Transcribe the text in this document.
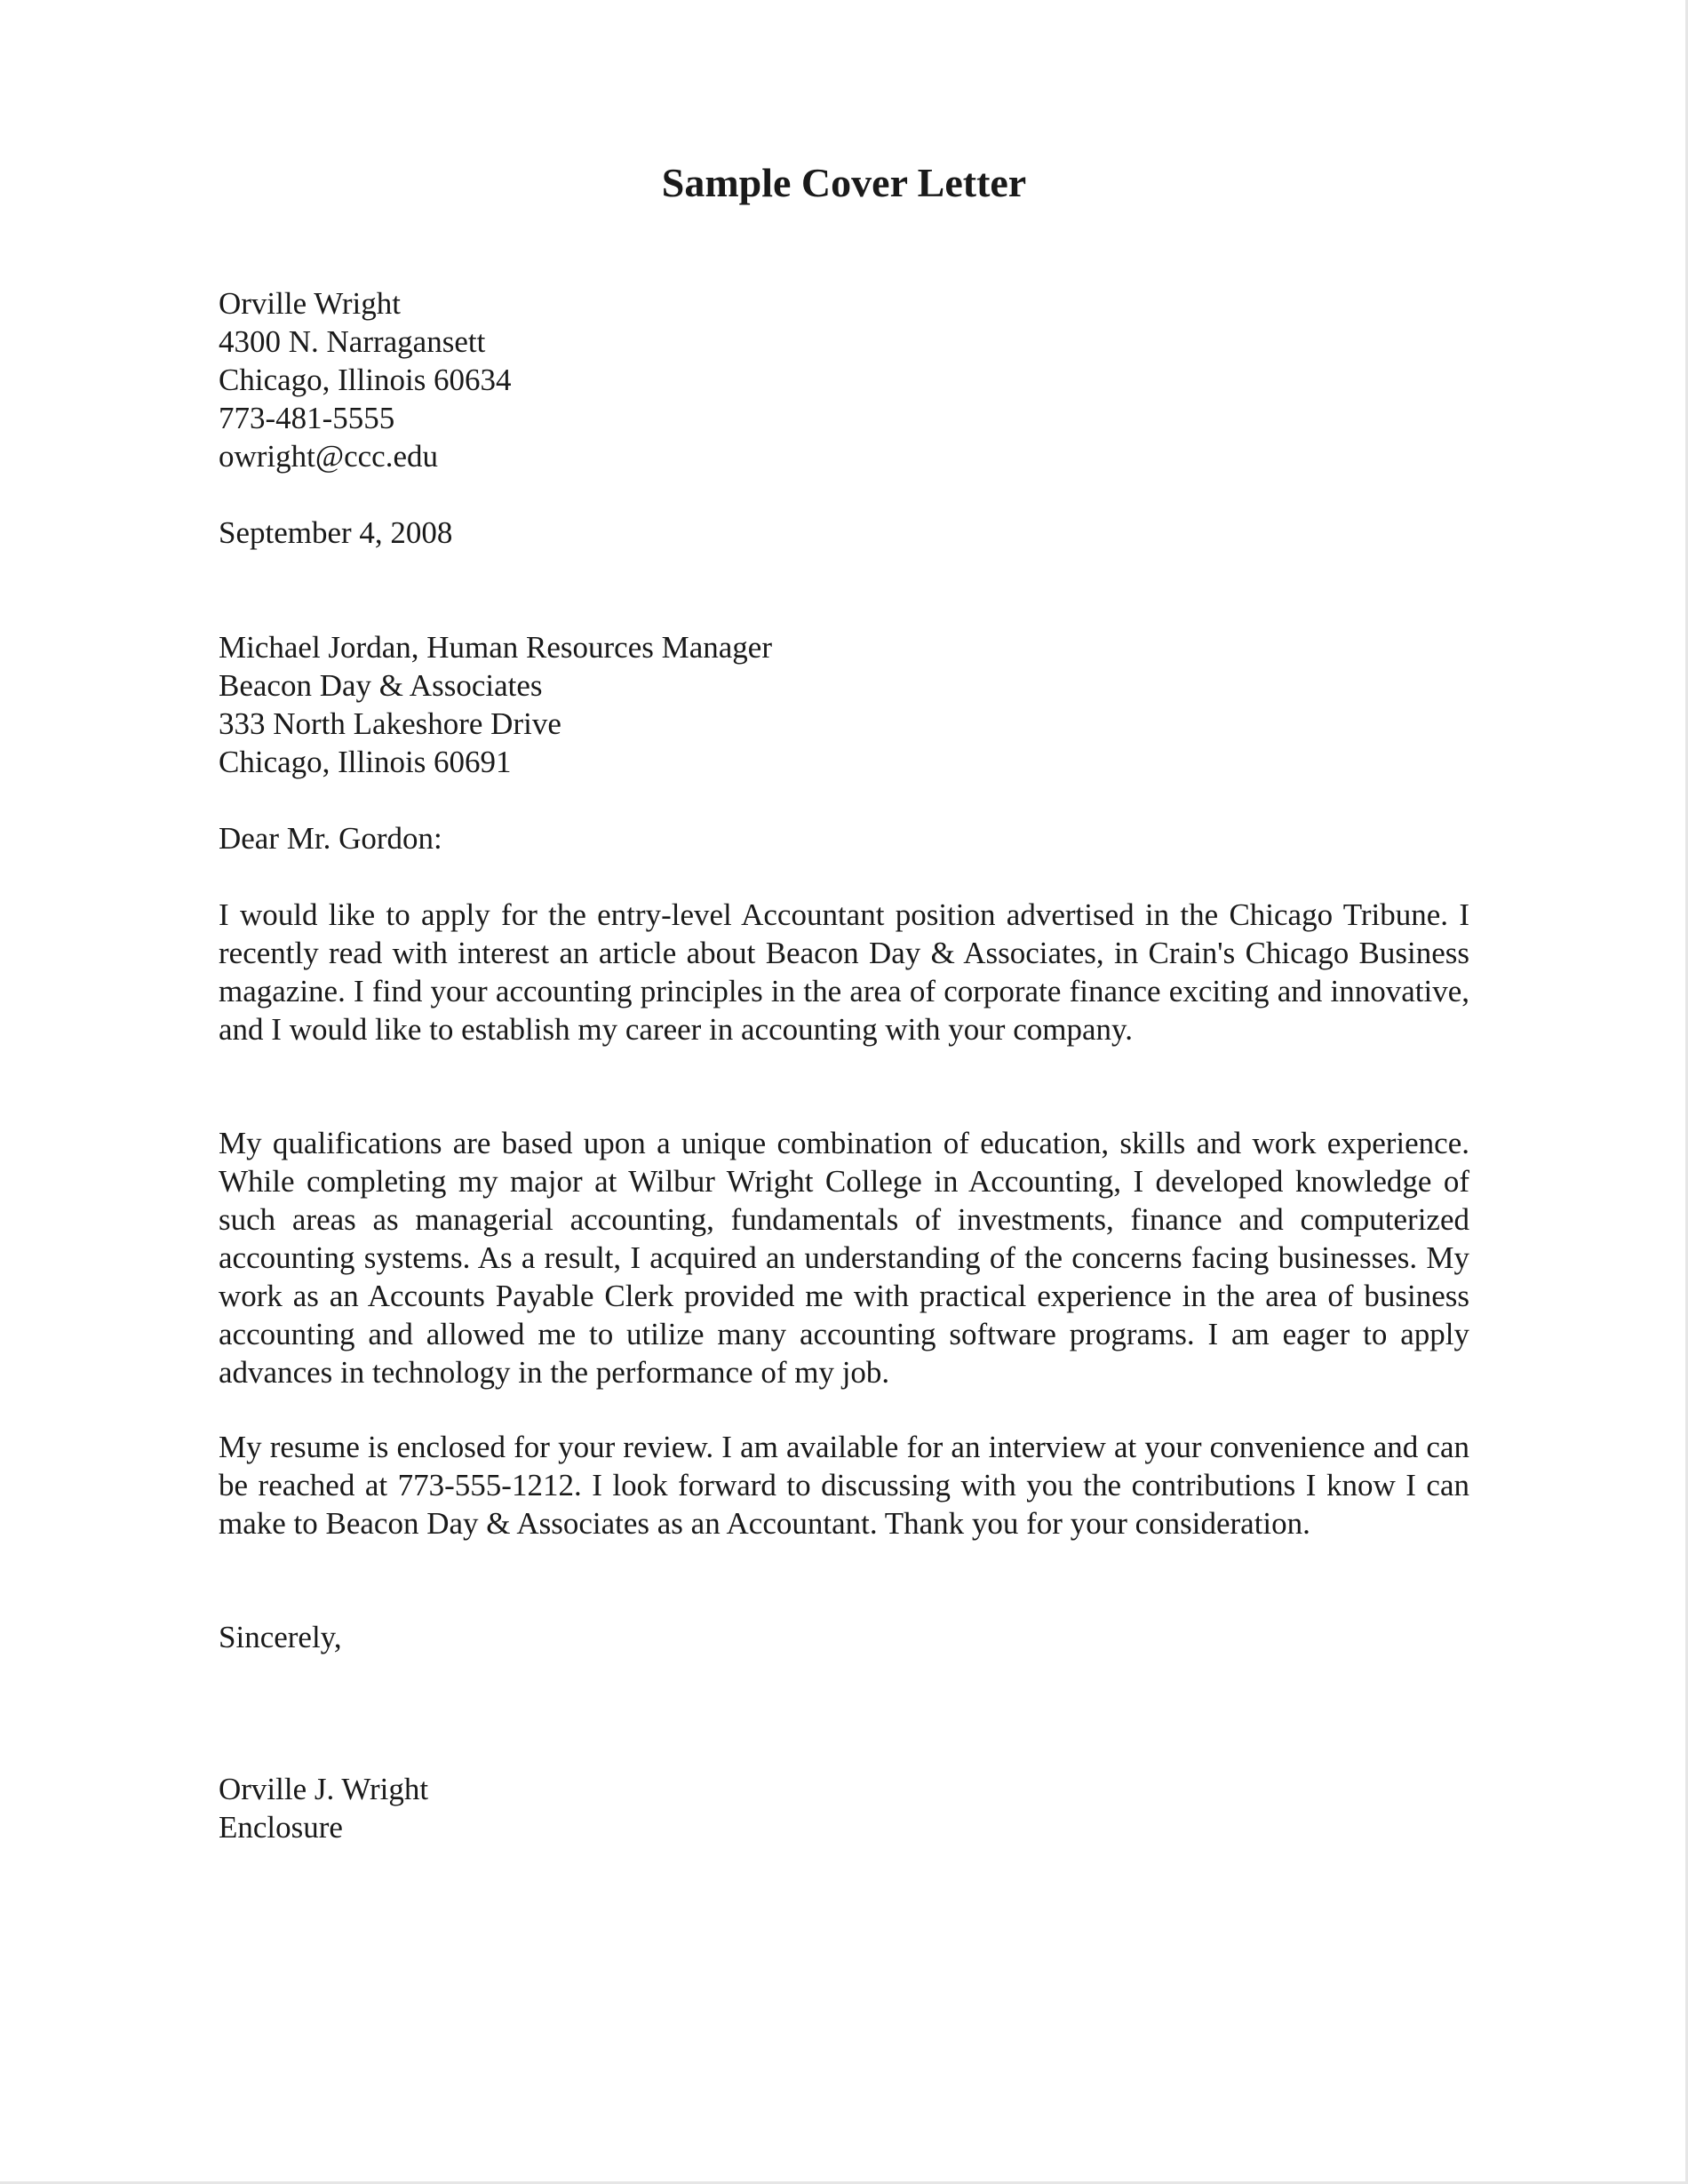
Sample Cover Letter
Orville Wright
4300 N. Narragansett
Chicago, Illinois 60634
773-481-5555
owright@ccc.edu
September 4, 2008
Michael Jordan, Human Resources Manager
Beacon Day & Associates
333 North Lakeshore Drive
Chicago, Illinois 60691
Dear Mr. Gordon:

I would like to apply for the entry-level Accountant position advertised in the Chicago Tribune. I recently read with interest an article about Beacon Day & Associates, in Crain's Chicago Business magazine. I find your accounting principles in the area of corporate finance exciting and innovative, and I would like to establish my career in accounting with your company.

My qualifications are based upon a unique combination of education, skills and work experience. While completing my major at Wilbur Wright College in Accounting, I developed knowledge of such areas as managerial accounting, fundamentals of investments, finance and computerized accounting systems. As a result, I acquired an understanding of the concerns facing businesses. My work as an Accounts Payable Clerk provided me with practical experience in the area of business accounting and allowed me to utilize many accounting software programs. I am eager to apply advances in technology in the performance of my job.

My resume is enclosed for your review. I am available for an interview at your convenience and can be reached at 773-555-1212. I look forward to discussing with you the contributions I know I can make to Beacon Day & Associates as an Accountant. Thank you for your consideration.

Sincerely,
Orville J. Wright
Enclosure
